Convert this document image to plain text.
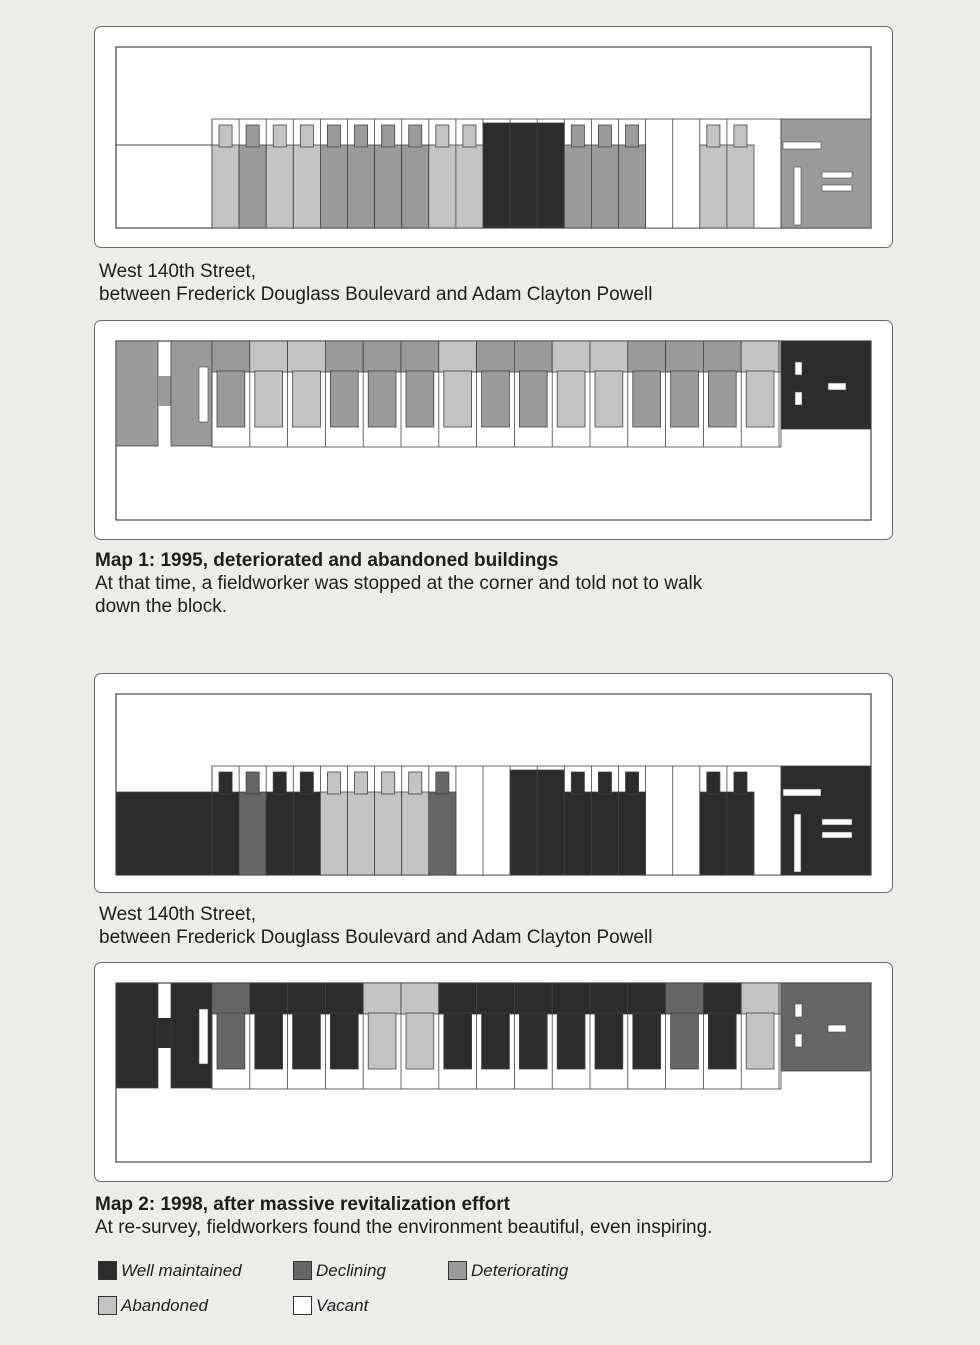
West 140th Street,
between Frederick Douglass Boulevard and Adam Clayton Powell
Map 1: 1995, deteriorated and abandoned buildings
At that time, a fieldworker was stopped at the corner and told not to walk
down the block.
West 140th Street,
between Frederick Douglass Boulevard and Adam Clayton Powell
Map 2: 1998, after massive revitalization effort
At re-survey, fieldworkers found the environment beautiful, even inspiring.
Well maintained	Declining	Deteriorating
Abandoned	Vacant
